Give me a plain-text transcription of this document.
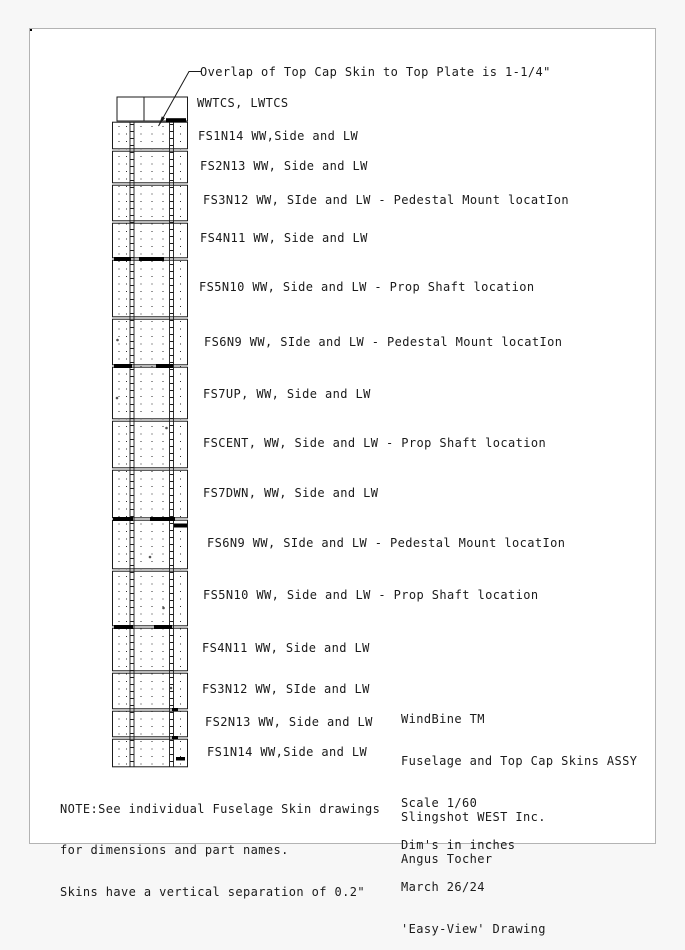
Overlap of Top Cap Skin to Top Plate is 1-1/4"
WWTCS, LWTCS
FS1N14 WW,Side and LW
FS2N13 WW, Side and LW
FS3N12 WW, SIde and LW - Pedestal Mount locatIon
FS4N11 WW, Side and LW
FS5N10 WW, Side and LW - Prop Shaft location
FS6N9 WW, SIde and LW - Pedestal Mount locatIon
FS7UP, WW, Side and LW
FSCENT, WW, Side and LW - Prop Shaft location
FS7DWN, WW, Side and LW
FS6N9 WW, SIde and LW - Pedestal Mount locatIon
FS5N10 WW, Side and LW - Prop Shaft location
FS4N11 WW, Side and LW
FS3N12 WW, SIde and LW
FS2N13 WW, Side and LW
FS1N14 WW,Side and LW

NOTE:See individual Fuselage Skin drawings

for dimensions and part names.

Skins have a vertical separation of 0.2"

WindBine TM

Fuselage and Top Cap Skins ASSY

Scale 1/60

Dim's in inches

March 26/24

'Easy-View' Drawing

Slingshot WEST Inc.

Angus Tocher
